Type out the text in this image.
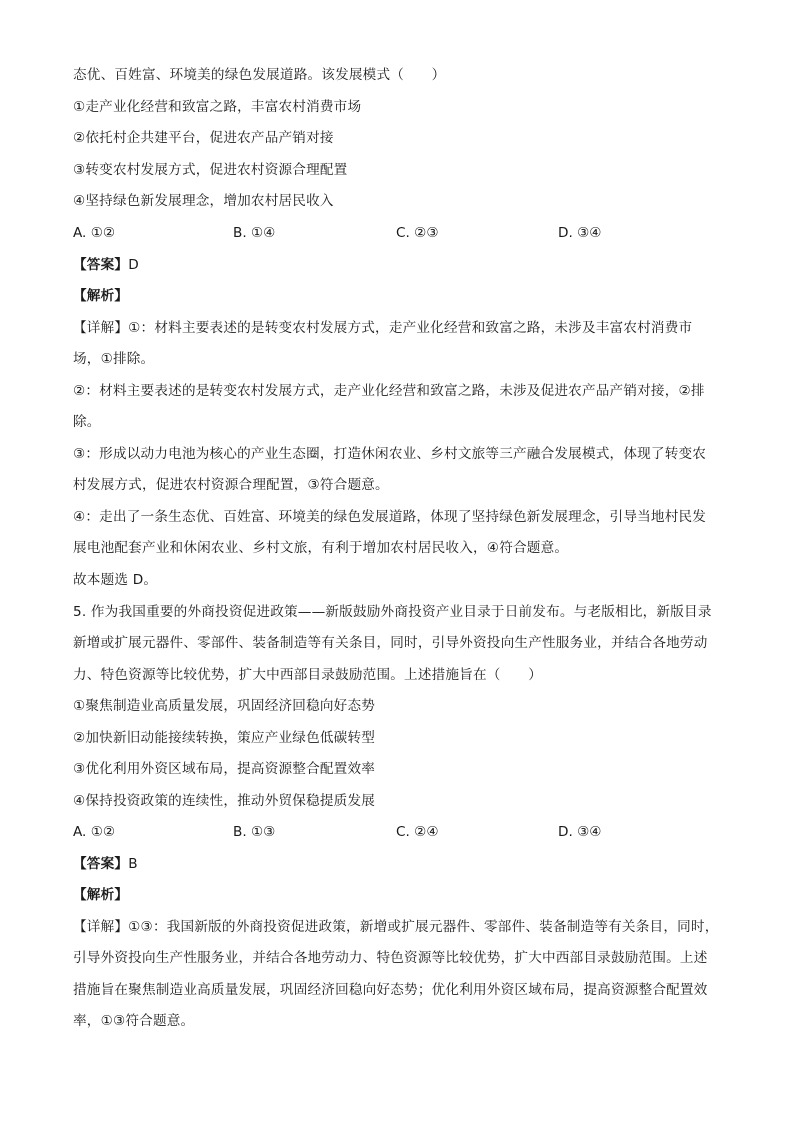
态优、百姓富、环境美的绿色发展道路。该发展模式（　　）
①走产业化经营和致富之路，丰富农村消费市场
②依托村企共建平台，促进农产品产销对接
③转变农村发展方式，促进农村资源合理配置
④坚持绿色新发展理念，增加农村居民收入
A. ①②	B. ①④	C. ②③	D. ③④
【答案】D
【解析】
【详解】①：材料主要表述的是转变农村发展方式，走产业化经营和致富之路，未涉及丰富农村消费市
场，①排除。
②：材料主要表述的是转变农村发展方式，走产业化经营和致富之路，未涉及促进农产品产销对接，②排
除。
③：形成以动力电池为核心的产业生态圈，打造休闲农业、乡村文旅等三产融合发展模式，体现了转变农
村发展方式，促进农村资源合理配置，③符合题意。
④：走出了一条生态优、百姓富、环境美的绿色发展道路，体现了坚持绿色新发展理念，引导当地村民发
展电池配套产业和休闲农业、乡村文旅，有利于增加农村居民收入，④符合题意。
故本题选 D。
5. 作为我国重要的外商投资促进政策——新版鼓励外商投资产业目录于日前发布。与老版相比，新版目录
新增或扩展元器件、零部件、装备制造等有关条目，同时，引导外资投向生产性服务业，并结合各地劳动
力、特色资源等比较优势，扩大中西部目录鼓励范围。上述措施旨在（　　）
①聚焦制造业高质量发展，巩固经济回稳向好态势
②加快新旧动能接续转换，策应产业绿色低碳转型
③优化利用外资区域布局，提高资源整合配置效率
④保持投资政策的连续性，推动外贸保稳提质发展
A. ①②	B. ①③	C. ②④	D. ③④
【答案】B
【解析】
【详解】①③：我国新版的外商投资促进政策，新增或扩展元器件、零部件、装备制造等有关条目，同时，
引导外资投向生产性服务业，并结合各地劳动力、特色资源等比较优势，扩大中西部目录鼓励范围。上述
措施旨在聚焦制造业高质量发展，巩固经济回稳向好态势；优化利用外资区域布局，提高资源整合配置效
率，①③符合题意。
